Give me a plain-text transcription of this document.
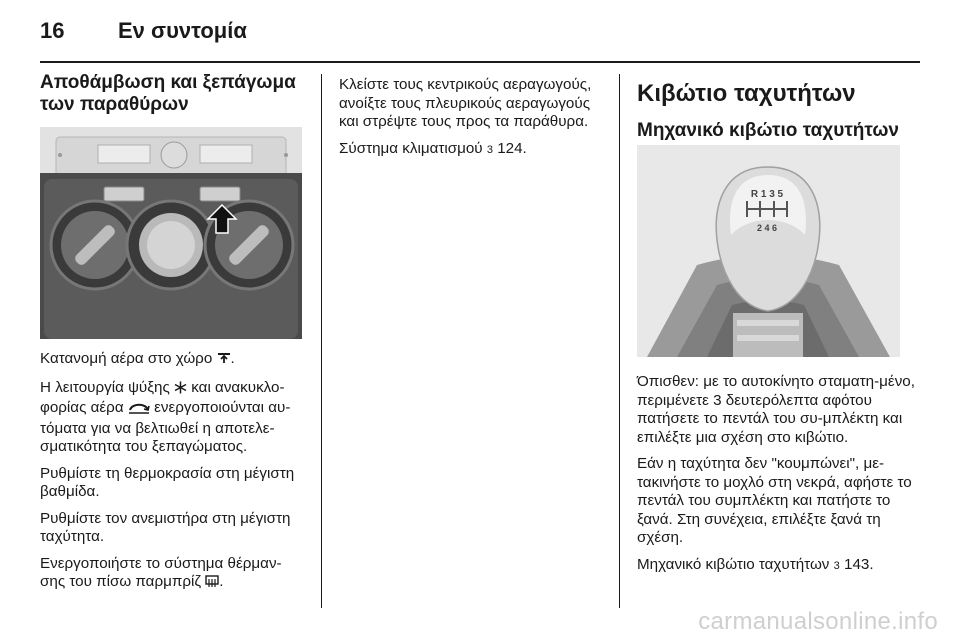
16 Εν συντομία
Αποθάμβωση και ξεπάγωμα των παραθύρων

Κατανομή αέρα στο χώρο .

Η λειτουργία ψύξης και ανακυκλο-φορίας αέρα ενεργοποιούνται αυ-τόματα για να βελτιωθεί η αποτελε-σματικότητα του ξεπαγώματος.

Ρυθμίστε τη θερμοκρασία στη μέγιστη βαθμίδα.

Ρυθμίστε τον ανεμιστήρα στη μέγιστη ταχύτητα.

Ενεργοποιήστε το σύστημα θέρμαν-σης του πίσω παρμπρίζ .

Κλείστε τους κεντρικούς αεραγωγούς, ανοίξτε τους πλευρικούς αεραγωγούς και στρέψτε τους προς τα παράθυρα.

Σύστημα κλιματισμού 3 124.

Κιβώτιο ταχυτήτων
Μηχανικό κιβώτιο ταχυτήτων
R 1 3 5
2 4 6

Όπισθεν: με το αυτοκίνητο σταματη-μένο, περιμένετε 3 δευτερόλεπτα αφότου πατήσετε το πεντάλ του συ-μπλέκτη και επιλέξτε μια σχέση στο κιβώτιο.

Εάν η ταχύτητα δεν "κουμπώνει", με-τακινήστε το μοχλό στη νεκρά, αφήστε το πεντάλ του συμπλέκτη και πατήστε το ξανά. Στη συνέχεια, επιλέξτε ξανά τη σχέση.

Μηχανικό κιβώτιο ταχυτήτων 3 143.

carmanualsonline.info
